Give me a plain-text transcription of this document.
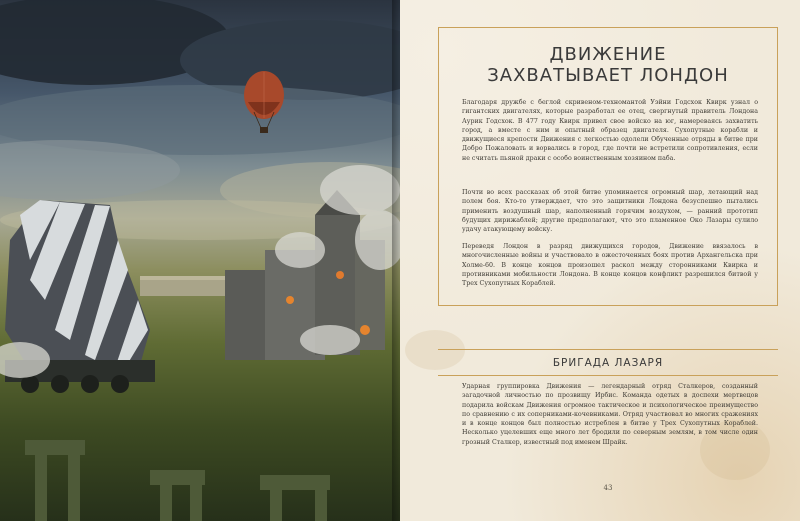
ДВИЖЕНИЕ
ЗАХВАТЫВАЕТ ЛОНДОН

Благодаря дружбе с беглой скривеном-техномантой Уэйни Годсхок Квирк узнал о гигантских двигателях, которые разработал ее отец, свергнутый правитель Лондона Аурик Годсхок. В 477 году Квирк привел свое войско на юг, намереваясь захватить город, а вместе с ним и опытный образец двигателя. Сухопутные корабли и движущиеся крепости Движения с легкостью одолели Обученные отряды в битве при Добро Пожаловать и ворвались в город, где почти не встретили сопротивления, если не считать пьяной драки с особо воинственным хозяином паба.

Почти во всех рассказах об этой битве упоминается огромный шар, летающий над полем боя. Кто-то утверждает, что это защитники Лондона безуспешно пытались применить воздушный шар, наполненный горячим воздухом, — ранний прототип будущих дирижаблей; другие предполагают, что это пламенное Око Лазары сулило удачу атакующему войску.

Переведя Лондон в разряд движущихся городов, Движение ввязалось в многочисленные войны и участвовало в ожесточенных боях против Архангельска при Холме-60. В конце концов произошел раскол между сторонниками Квирка и противниками мобильности Лондона. В конце концов конфликт разрешился битвой у Трех Сухопутных Кораблей.

БРИГАДА ЛАЗАРЯ

Ударная группировка Движения — легендарный отряд Сталкеров, созданный загадочной личностью по прозвищу Ирбис. Команда одетых в доспехи мертвецов подарила войскам Движения огромное тактическое и психологическое преимущество по сравнению с их соперниками-кочевниками. Отряд участвовал во многих сражениях и в конце концов был полностью истреблен в битве у Трех Сухопутных Кораблей. Несколько уцелевших еще много лет бродили по северным землям, в том числе один грозный Сталкер, известный под именем Шрайк.

43
